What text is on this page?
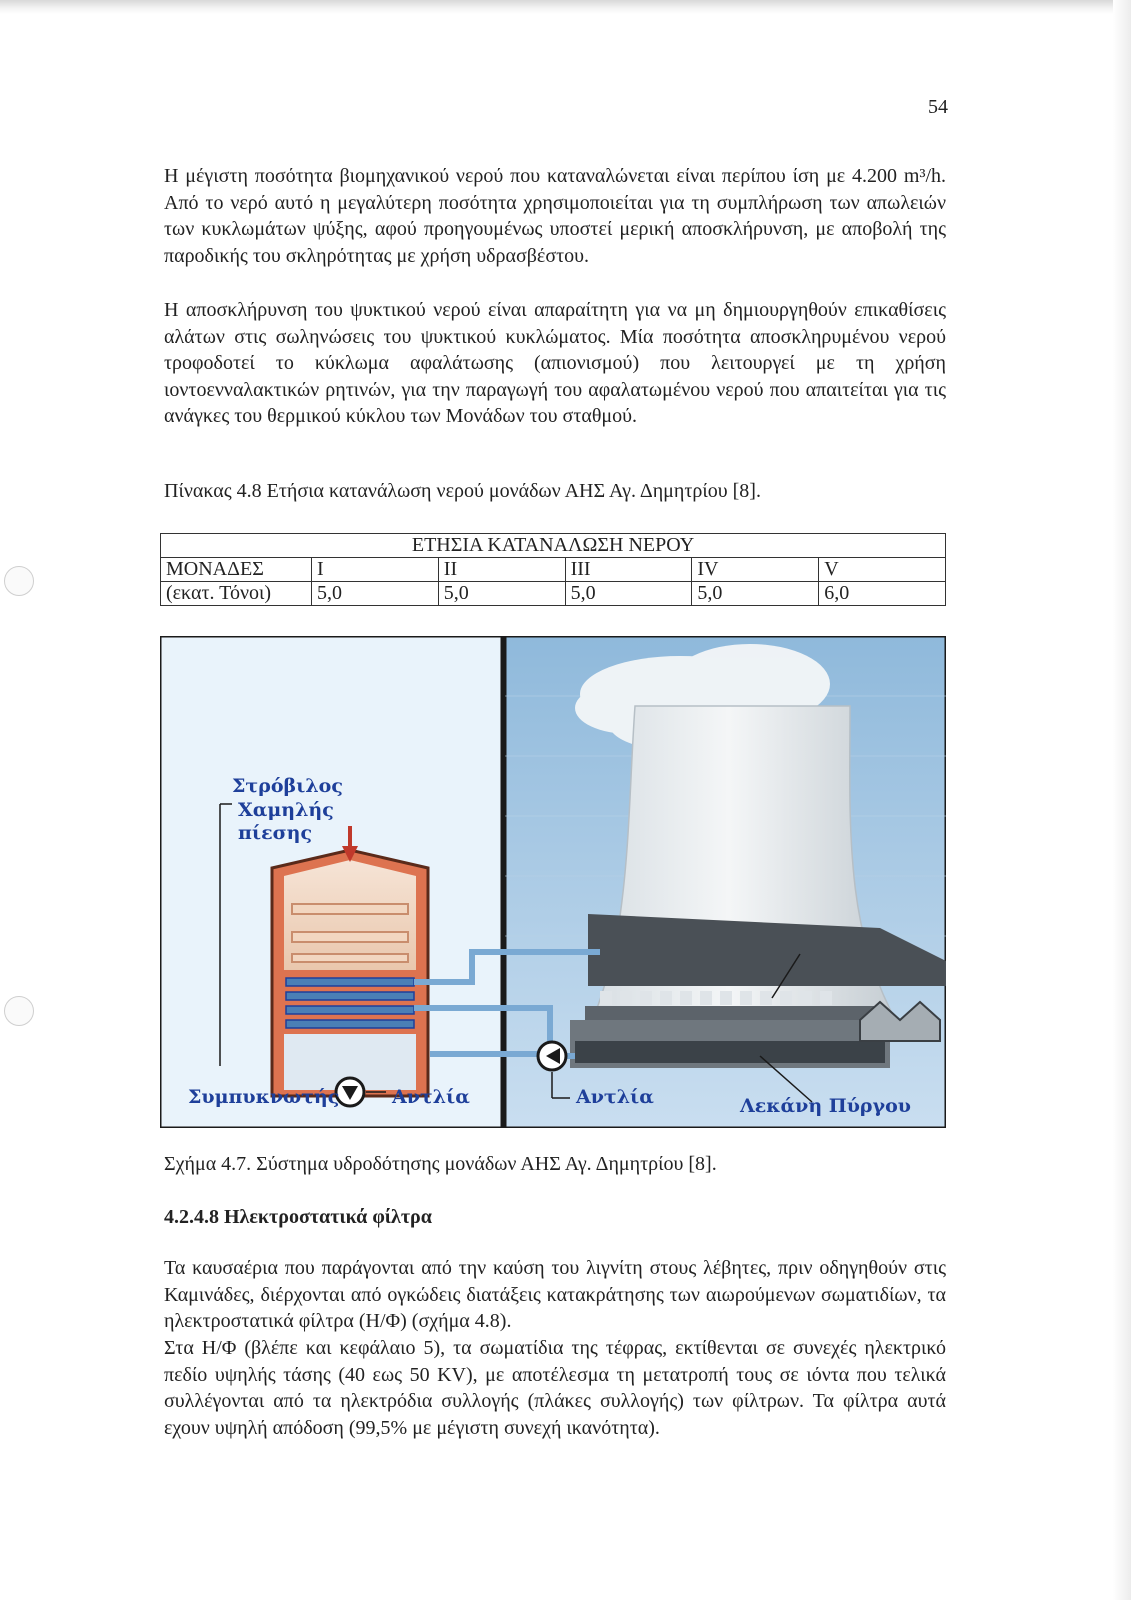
54

Η μέγιστη ποσότητα βιομηχανικού νερού που καταναλώνεται είναι περίπου ίση με 4.200 m³/h. Από το νερό αυτό η μεγαλύτερη ποσότητα χρησιμοποιείται για τη συμπλήρωση των απωλειών των κυκλωμάτων ψύξης, αφού προηγουμένως υποστεί μερική αποσκλήρυνση, με αποβολή της παροδικής του σκληρότητας με χρήση υδρασβέστου.

Η αποσκλήρυνση του ψυκτικού νερού είναι απαραίτητη για να μη δημιουργηθούν επικαθίσεις αλάτων στις σωληνώσεις του ψυκτικού κυκλώματος. Μία ποσότητα αποσκληρυμένου νερού τροφοδοτεί το κύκλωμα αφαλάτωσης (απιονισμού) που λειτουργεί με τη χρήση ιοντοενναλακτικών ρητινών, για την παραγωγή του αφαλατωμένου νερού που απαιτείται για τις ανάγκες του θερμικού κύκλου των Μονάδων του σταθμού.

Πίνακας 4.8 Ετήσια κατανάλωση νερού μονάδων ΑΗΣ Αγ. Δημητρίου [8].

ΕΤΗΣΙΑ ΚΑΤΑΝΑΛΩΣΗ ΝΕΡΟΥ					
ΜΟΝΑΔΕΣ	I	II	III	IV	V
(εκατ. Τόνοι)	5,0	5,0	5,0	5,0	6,0
Στρόβιλος
Χαμηλής
πίεσης
Συμπυκνωτής	Αντλία	Αντλία	Λεκάνη Πύργου

Σχήμα 4.7. Σύστημα υδροδότησης μονάδων ΑΗΣ Αγ. Δημητρίου [8].

4.2.4.8 Ηλεκτροστατικά φίλτρα

Τα καυσαέρια που παράγονται από την καύση του λιγνίτη στους λέβητες, πριν οδηγηθούν στις Καμινάδες, διέρχονται από ογκώδεις διατάξεις κατακράτησης των αιωρούμενων σωματιδίων, τα ηλεκτροστατικά φίλτρα (Η/Φ) (σχήμα 4.8).

Στα Η/Φ (βλέπε και κεφάλαιο 5), τα σωματίδια της τέφρας, εκτίθενται σε συνεχές ηλεκτρικό πεδίο υψηλής τάσης (40 εως 50 KV), με αποτέλεσμα τη μετατροπή τους σε ιόντα που τελικά συλλέγονται από τα ηλεκτρόδια συλλογής (πλάκες συλλογής) των φίλτρων. Τα φίλτρα αυτά εχουν υψηλή απόδοση (99,5% με μέγιστη συνεχή ικανότητα).
